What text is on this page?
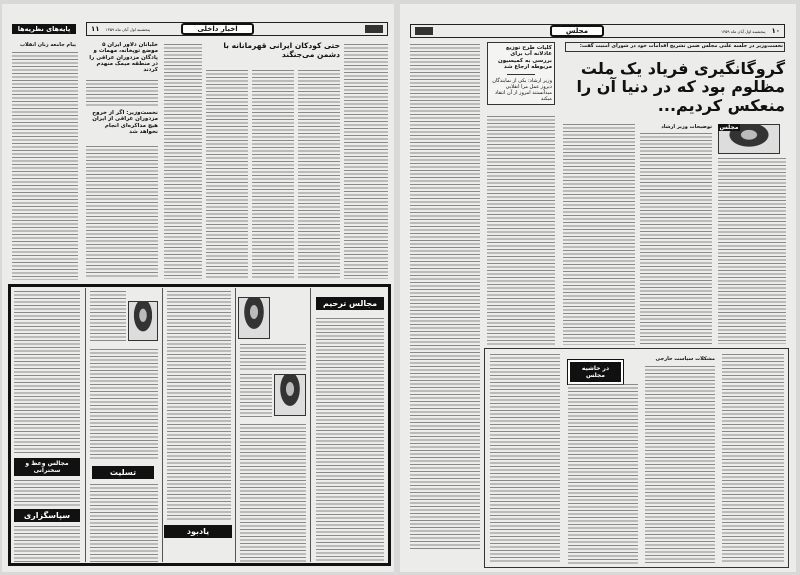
مجلس	پنجشنبه اول آبان ماه ۱۳۵۹ ۱۰
نخست‌وزیر در جلسه علنی مجلس ضمن تشریح اقدامات خود در شورای امنیت گفت:
گروگانگیری فریاد یک ملت مظلوم بود که در دنیا آن را منعکس کردیم...
کلیات طرح توزیع عادلانه آب برای بررسی به کمیسیون مربوطه ارجاع شد
وزیر ارشاد: یکی از نمایندگان دیروز عمل مرا انقلابی میدانستند امروز از آن انتقاد میکند
مجلس
توضیحات وزیر ارشاد
در حاشیه مجلس
مشکلات سیاست خارجی
پایه‌های نظریه‌ها
پیام جامعه زنان انقلاب
۱۱ پنجشنبه اول آبان ماه ۱۳۵۹	اخبار داخلی
حتی کودکان ایرانی قهرمانانه با دشمن می‌جنگند
خلبانان دلاور ایران ۵ موضع توپخانه، مهمات و پادگان مزدوران عراقی را در منطقه میمک منهدم کردند
نخست‌وزیر: اگر از خروج مزدوران عراقی از ایران هیچ مذاکره‌ای انجام نخواهد شد
مجالس ترحیم
مجالس وعظ و سخنرانی
سپاسگزاری
تسلیت
یادبود
